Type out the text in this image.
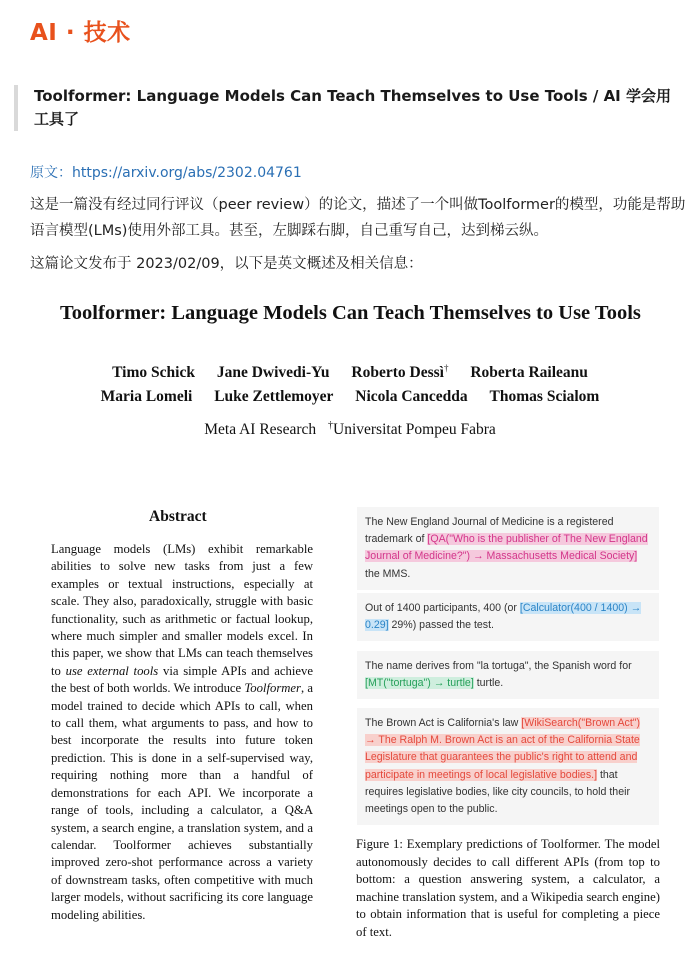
AI · 技术
Toolformer: Language Models Can Teach Themselves to Use Tools / AI 学会用工具了
原文：https://arxiv.org/abs/2302.04761
这是一篇没有经过同行评议（peer review）的论文，描述了一个叫做Toolformer的模型，功能是帮助语言模型(LMs)使用外部工具。甚至，左脚踩右脚，自己重写自己，达到梯云纵。
这篇论文发布于 2023/02/09，以下是英文概述及相关信息：
Toolformer: Language Models Can Teach Themselves to Use Tools
Timo Schick Jane Dwivedi-Yu Roberto Dessì† Roberta Raileanu
Maria Lomeli Luke Zettlemoyer Nicola Cancedda Thomas Scialom
Meta AI Research †Universitat Pompeu Fabra
Abstract
Language models (LMs) exhibit remarkable abilities to solve new tasks from just a few examples or textual instructions, especially at scale. They also, paradoxically, struggle with basic functionality, such as arithmetic or factual lookup, where much simpler and smaller models excel. In this paper, we show that LMs can teach themselves to use external tools via simple APIs and achieve the best of both worlds. We introduce Toolformer, a model trained to decide which APIs to call, when to call them, what arguments to pass, and how to best incorporate the results into future token prediction. This is done in a self-supervised way, requiring nothing more than a handful of demonstrations for each API. We incorporate a range of tools, including a calculator, a Q&A system, a search engine, a translation system, and a calendar. Toolformer achieves substantially improved zero-shot performance across a variety of downstream tasks, often competitive with much larger models, without sacrificing its core language modeling abilities.
The New England Journal of Medicine is a registered trademark of [QA("Who is the publisher of The New England Journal of Medicine?") → Massachusetts Medical Society] the MMS.
Out of 1400 participants, 400 (or [Calculator(400 / 1400) → 0.29] 29%) passed the test.
The name derives from "la tortuga", the Spanish word for [MT("tortuga") → turtle] turtle.
The Brown Act is California's law [WikiSearch("Brown Act") → The Ralph M. Brown Act is an act of the California State Legislature that guarantees the public's right to attend and participate in meetings of local legislative bodies.] that requires legislative bodies, like city councils, to hold their meetings open to the public.
Figure 1: Exemplary predictions of Toolformer. The model autonomously decides to call different APIs (from top to bottom: a question answering system, a calculator, a machine translation system, and a Wikipedia search engine) to obtain information that is useful for completing a piece of text.
